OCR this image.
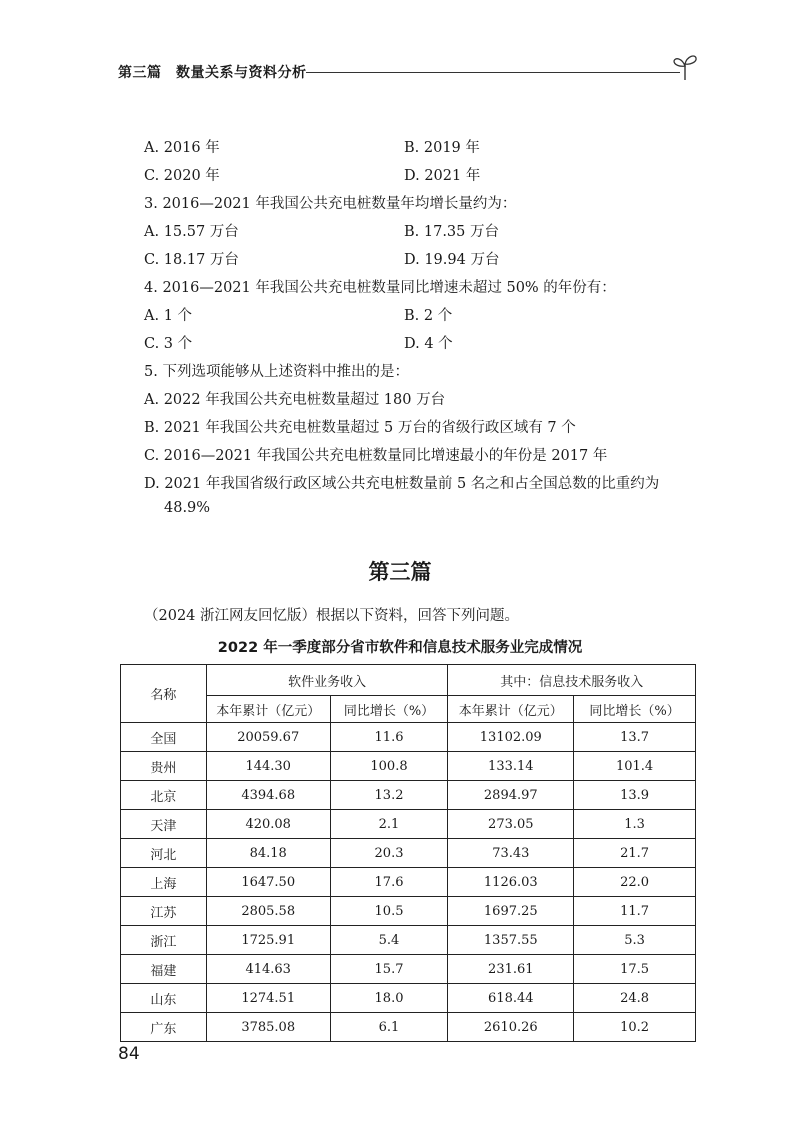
第三篇　数量关系与资料分析
A. 2016 年	B. 2019 年
C. 2020 年	D. 2021 年
3. 2016—2021 年我国公共充电桩数量年均增长量约为：
A. 15.57 万台	B. 17.35 万台
C. 18.17 万台	D. 19.94 万台
4. 2016—2021 年我国公共充电桩数量同比增速未超过 50% 的年份有：
A. 1 个	B. 2 个
C. 3 个	D. 4 个
5. 下列选项能够从上述资料中推出的是：
A. 2022 年我国公共充电桩数量超过 180 万台
B. 2021 年我国公共充电桩数量超过 5 万台的省级行政区域有 7 个
C. 2016—2021 年我国公共充电桩数量同比增速最小的年份是 2017 年
D. 2021 年我国省级行政区域公共充电桩数量前 5 名之和占全国总数的比重约为
48.9%
第三篇
（2024 浙江网友回忆版）根据以下资料，回答下列问题。
2022 年一季度部分省市软件和信息技术服务业完成情况
名称	软件业务收入		其中：信息技术服务收入	
	本年累计（亿元）	同比增长（%）	本年累计（亿元）	同比增长（%）
全国	20059.67	11.6	13102.09	13.7
贵州	144.30	100.8	133.14	101.4
北京	4394.68	13.2	2894.97	13.9
天津	420.08	2.1	273.05	1.3
河北	84.18	20.3	73.43	21.7
上海	1647.50	17.6	1126.03	22.0
江苏	2805.58	10.5	1697.25	11.7
浙江	1725.91	5.4	1357.55	5.3
福建	414.63	15.7	231.61	17.5
山东	1274.51	18.0	618.44	24.8
广东	3785.08	6.1	2610.26	10.2
84
